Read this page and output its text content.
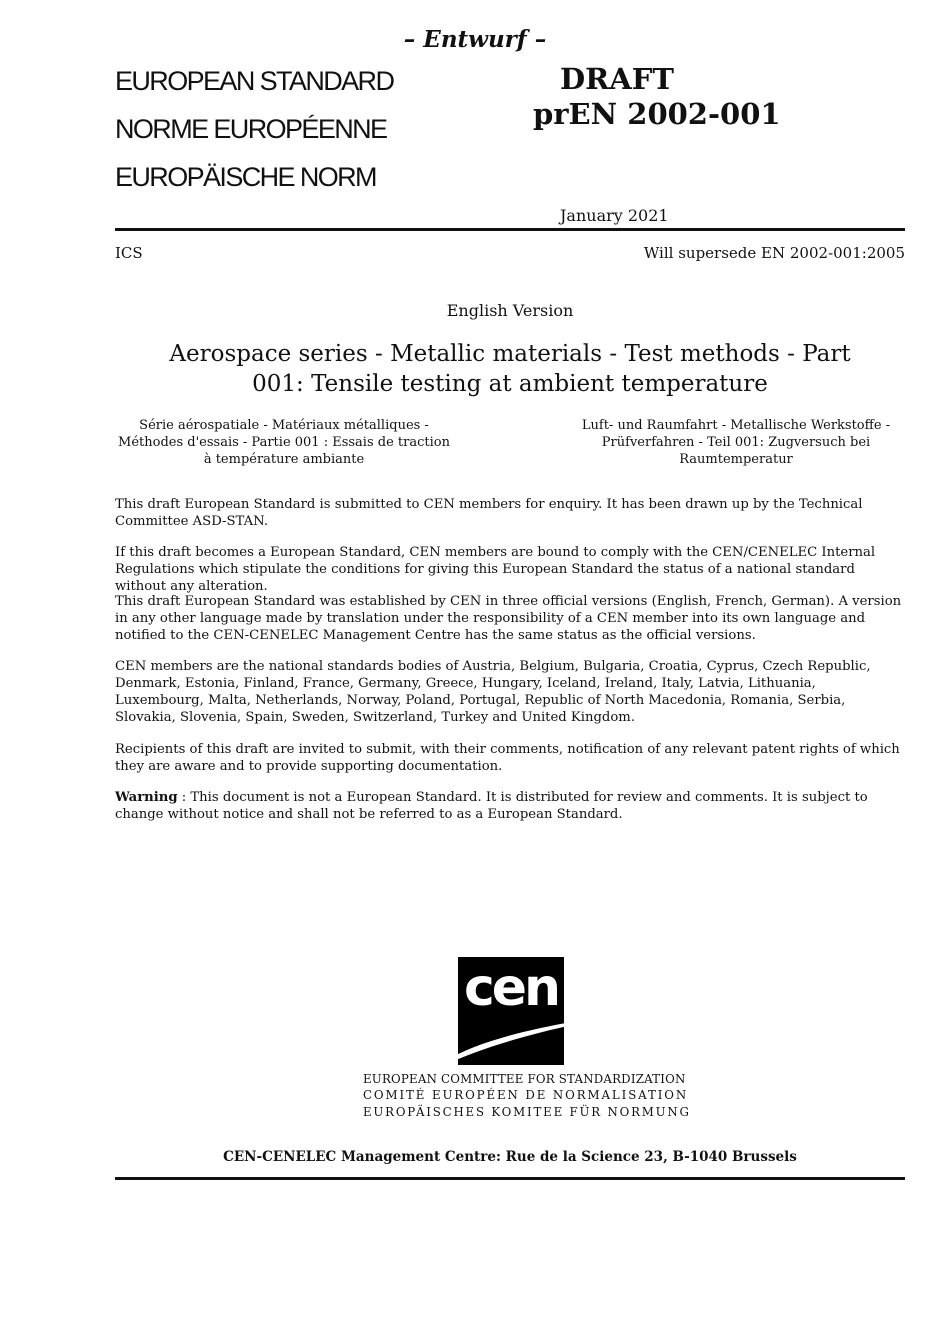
– Entwurf –
EUROPEAN STANDARD
NORME EUROPÉENNE
EUROPÄISCHE NORM
DRAFT
prEN 2002-001
January 2021
ICS	Will supersede EN 2002-001:2005
English Version
Aerospace series - Metallic materials - Test methods - Part 001: Tensile testing at ambient temperature
Série aérospatiale - Matériaux métalliques - Méthodes d'essais - Partie 001 : Essais de traction à température ambiante
Luft- und Raumfahrt - Metallische Werkstoffe - Prüfverfahren - Teil 001: Zugversuch bei Raumtemperatur
This draft European Standard is submitted to CEN members for enquiry. It has been drawn up by the Technical Committee ASD-STAN.
If this draft becomes a European Standard, CEN members are bound to comply with the CEN/CENELEC Internal Regulations which stipulate the conditions for giving this European Standard the status of a national standard without any alteration.
This draft European Standard was established by CEN in three official versions (English, French, German). A version in any other language made by translation under the responsibility of a CEN member into its own language and notified to the CEN-CENELEC Management Centre has the same status as the official versions.
CEN members are the national standards bodies of Austria, Belgium, Bulgaria, Croatia, Cyprus, Czech Republic, Denmark, Estonia, Finland, France, Germany, Greece, Hungary, Iceland, Ireland, Italy, Latvia, Lithuania, Luxembourg, Malta, Netherlands, Norway, Poland, Portugal, Republic of North Macedonia, Romania, Serbia, Slovakia, Slovenia, Spain, Sweden, Switzerland, Turkey and United Kingdom.
Recipients of this draft are invited to submit, with their comments, notification of any relevant patent rights of which they are aware and to provide supporting documentation.
Warning : This document is not a European Standard. It is distributed for review and comments. It is subject to change without notice and shall not be referred to as a European Standard.
cen
EUROPEAN COMMITTEE FOR STANDARDIZATION
COMITÉ EUROPÉEN DE NORMALISATION
EUROPÄISCHES KOMITEE FÜR NORMUNG
CEN-CENELEC Management Centre: Rue de la Science 23, B-1040 Brussels
